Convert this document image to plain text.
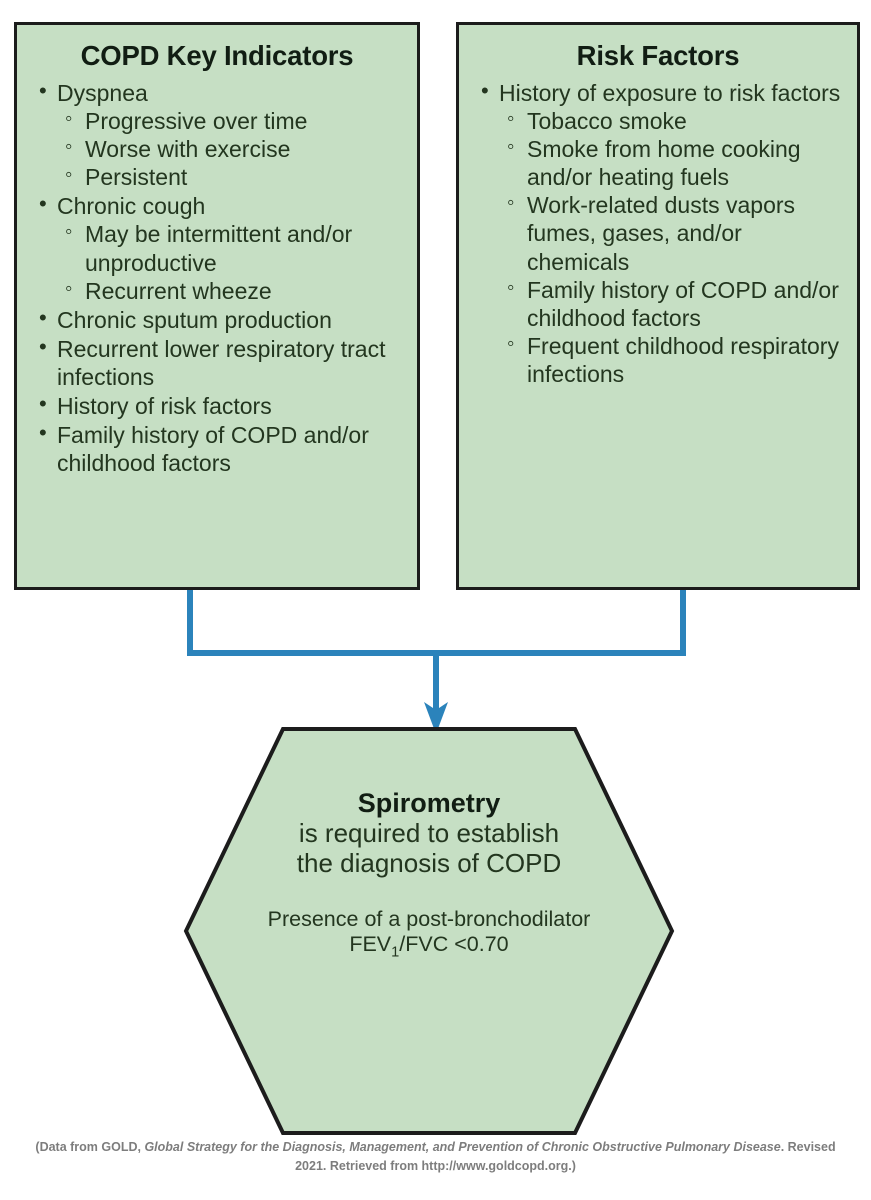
COPD Key Indicators
• Dyspnea
◦ Progressive over time
◦ Worse with exercise
◦ Persistent
• Chronic cough
◦ May be intermittent and/or unproductive
◦ Recurrent wheeze
• Chronic sputum production
• Recurrent lower respiratory tract infections
• History of risk factors
• Family history of COPD and/or childhood factors
Risk Factors
• History of exposure to risk factors
◦ Tobacco smoke
◦ Smoke from home cooking and/or heating fuels
◦ Work-related dusts vapors fumes, gases, and/or chemicals
◦ Family history of COPD and/or childhood factors
◦ Frequent childhood respiratory infections
Spirometry
is required to establish
the diagnosis of COPD
Presence of a post-bronchodilator
$FEV_1$/FVC <0.70
(Data from GOLD, Global Strategy for the Diagnosis, Management, and Prevention of Chronic Obstructive Pulmonary Disease. Revised 2021. Retrieved from http://www.goldcopd.org.)
